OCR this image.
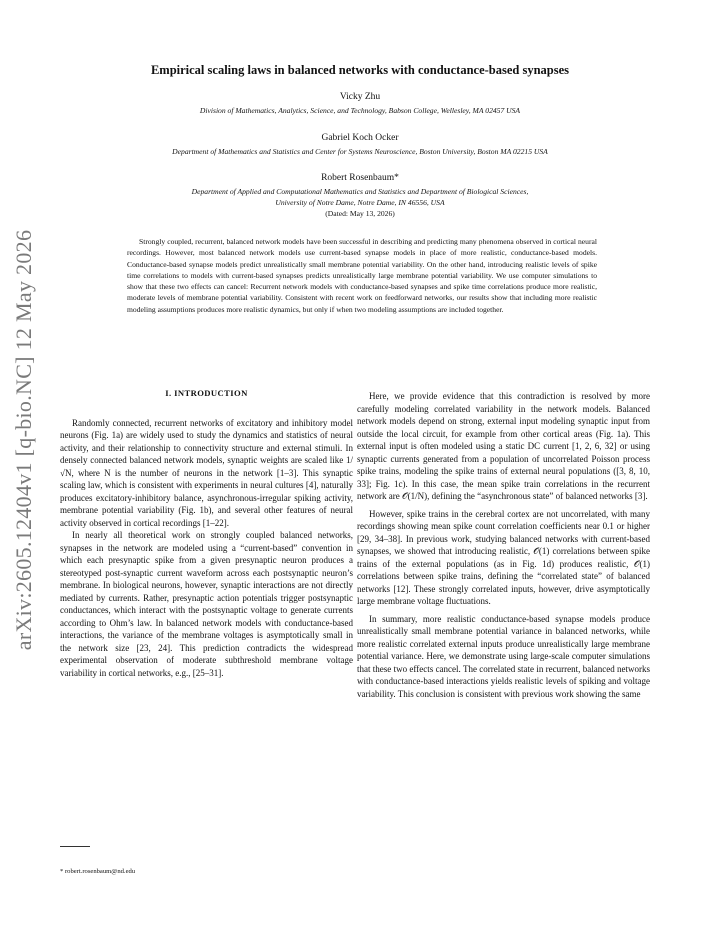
arXiv:2605.12404v1 [q-bio.NC] 12 May 2026
Empirical scaling laws in balanced networks with conductance-based synapses

Vicky Zhu

Division of Mathematics, Analytics, Science, and Technology, Babson College, Wellesley, MA 02457 USA

Gabriel Koch Ocker

Department of Mathematics and Statistics and Center for Systems Neuroscience, Boston University, Boston MA 02215 USA

Robert Rosenbaum*

Department of Applied and Computational Mathematics and Statistics and Department of Biological Sciences,

University of Notre Dame, Notre Dame, IN 46556, USA

(Dated: May 13, 2026)

Strongly coupled, recurrent, balanced network models have been successful in describing and predicting many phenomena observed in cortical neural recordings. However, most balanced network models use current-based synapse models in place of more realistic, conductance-based models. Conductance-based synapse models predict unrealistically small membrane potential variability. On the other hand, introducing realistic levels of spike time correlations to models with current-based synapses predicts unrealistically large membrane potential variability. We use computer simulations to show that these two effects can cancel: Recurrent network models with conductance-based synapses and spike time correlations produce more realistic, moderate levels of membrane potential variability. Consistent with recent work on feedforward networks, our results show that including more realistic modeling assumptions produces more realistic dynamics, but only if when two modeling assumptions are included together.

I. INTRODUCTION

Randomly connected, recurrent networks of excitatory and inhibitory model neurons (Fig. 1a) are widely used to study the dynamics and statistics of neural activity, and their relationship to connectivity structure and external stimuli. In densely connected balanced network models, synaptic weights are scaled like 1/√N, where N is the number of neurons in the network [1–3]. This synaptic scaling law, which is consistent with experiments in neural cultures [4], naturally produces excitatory-inhibitory balance, asynchronous-irregular spiking activity, membrane potential variability (Fig. 1b), and several other features of neural activity observed in cortical recordings [1–22].

In nearly all theoretical work on strongly coupled balanced networks, synapses in the network are modeled using a “current-based” convention in which each presynaptic spike from a given presynaptic neuron produces a stereotyped post-synaptic current waveform across each postsynaptic neuron’s membrane. In biological neurons, however, synaptic interactions are not directly mediated by currents. Rather, presynaptic action potentials trigger postsynaptic conductances, which interact with the postsynaptic voltage to generate currents according to Ohm’s law. In balanced network models with conductance-based interactions, the variance of the membrane voltages is asymptotically small in the network size [23, 24]. This prediction contradicts the widespread experimental observation of moderate subthreshold membrane voltage variability in cortical networks, e.g., [25–31].

Here, we provide evidence that this contradiction is resolved by more carefully modeling correlated variability in the network models. Balanced network models depend on strong, external input modeling synaptic input from outside the local circuit, for example from other cortical areas (Fig. 1a). This external input is often modeled using a static DC current [1, 2, 6, 32] or using synaptic currents generated from a population of uncorrelated Poisson process spike trains, modeling the spike trains of external neural populations ([3, 8, 10, 33]; Fig. 1c). In this case, the mean spike train correlations in the recurrent network are 𝒪(1/N), defining the “asynchronous state” of balanced networks [3].

However, spike trains in the cerebral cortex are not uncorrelated, with many recordings showing mean spike count correlation coefficients near 0.1 or higher [29, 34–38]. In previous work, studying balanced networks with current-based synapses, we showed that introducing realistic, 𝒪(1) correlations between spike trains of the external populations (as in Fig. 1d) produces realistic, 𝒪(1) correlations between spike trains, defining the “correlated state” of balanced networks [12]. These strongly correlated inputs, however, drive asymptotically large membrane voltage fluctuations.

In summary, more realistic conductance-based synapse models produce unrealistically small membrane potential variance in balanced networks, while more realistic correlated external inputs produce unrealistically large membrane potential variance. Here, we demonstrate using large-scale computer simulations that these two effects cancel. The correlated state in recurrent, balanced networks with conductance-based interactions yields realistic levels of spiking and voltage variability. This conclusion is consistent with previous work showing the same

* robert.rosenbaum@nd.edu
